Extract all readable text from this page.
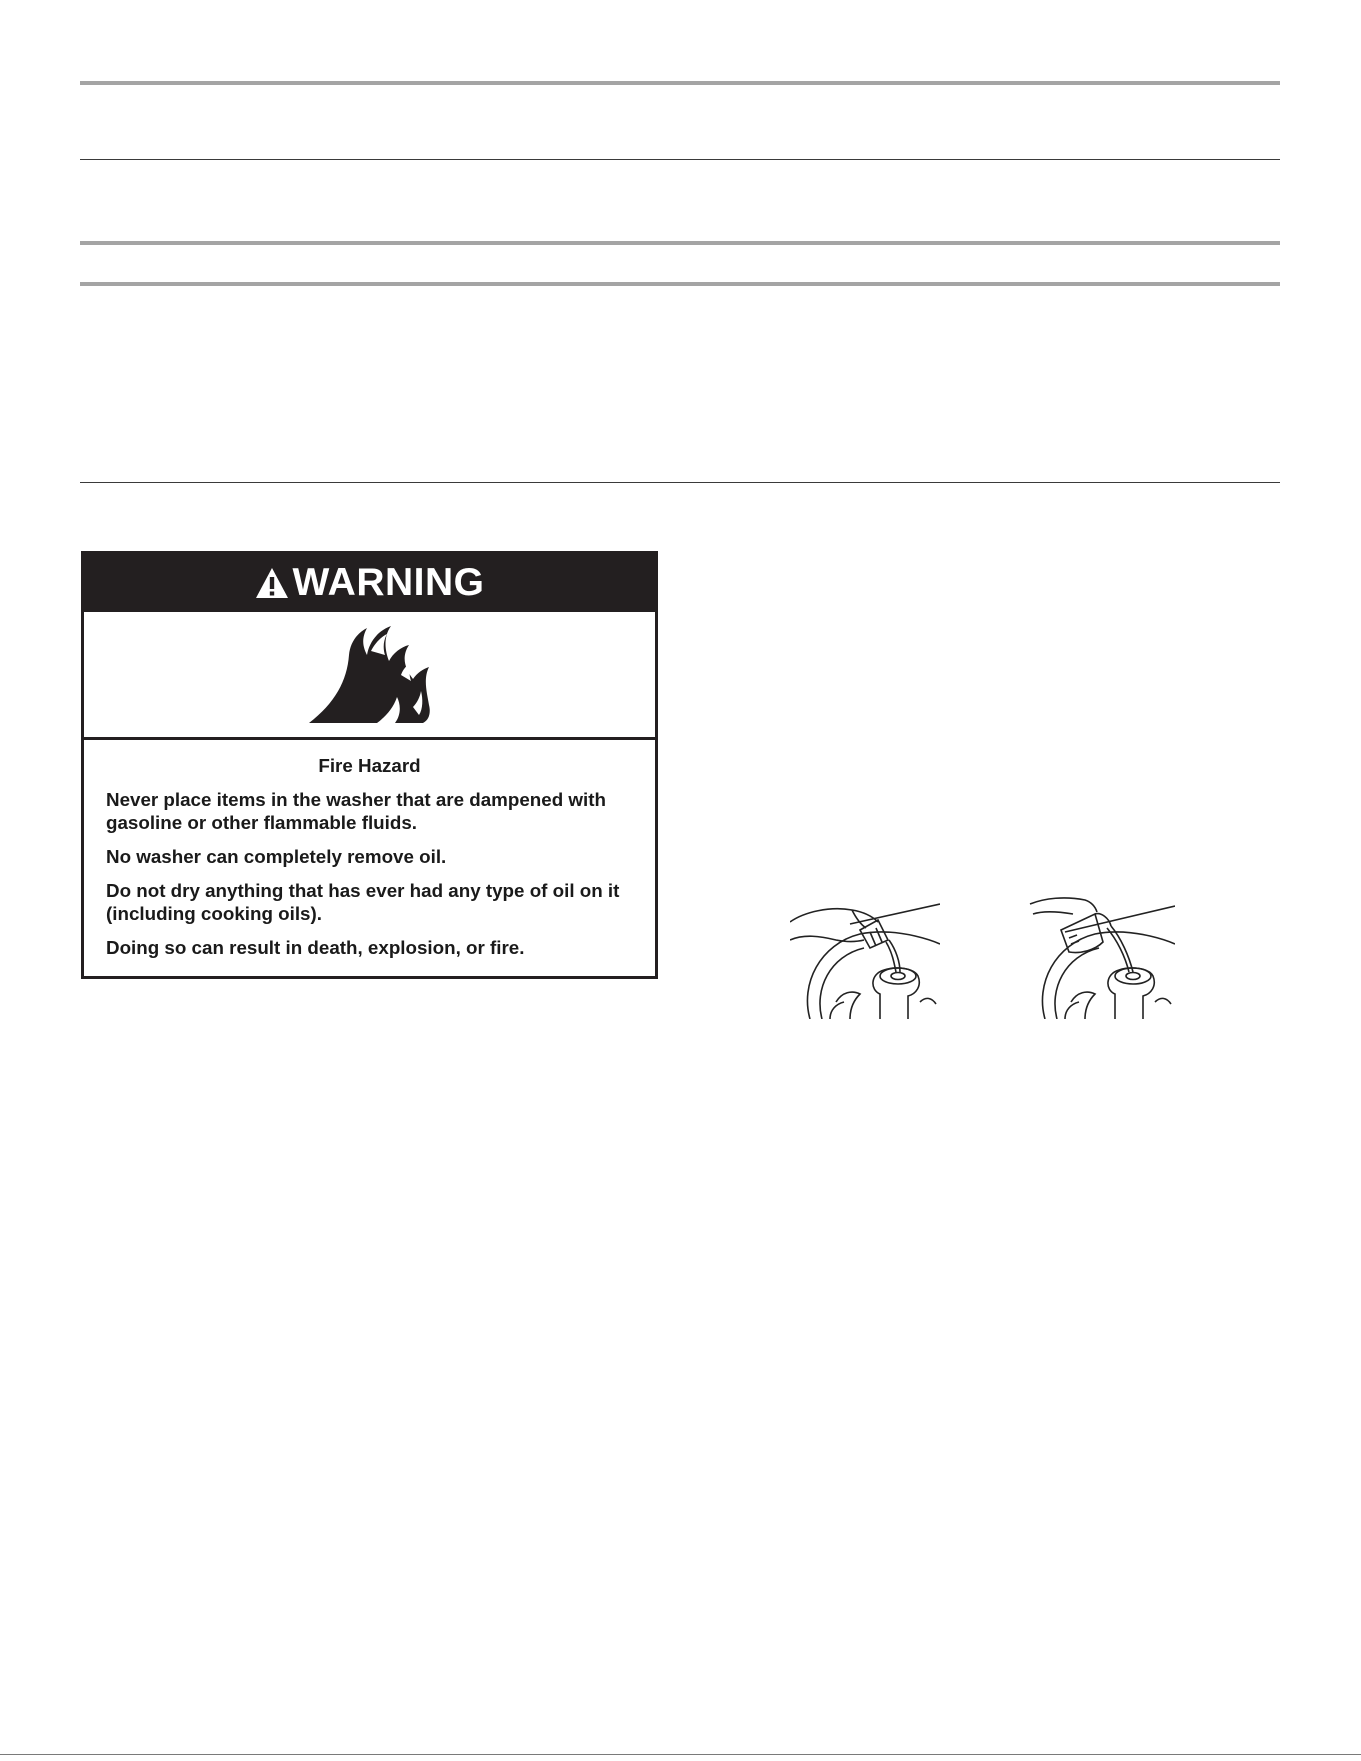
WARNING

Fire Hazard

Never place items in the washer that are dampened with gasoline or other flammable fluids.

No washer can completely remove oil.

Do not dry anything that has ever had any type of oil on it (including cooking oils).

Doing so can result in death, explosion, or fire.
